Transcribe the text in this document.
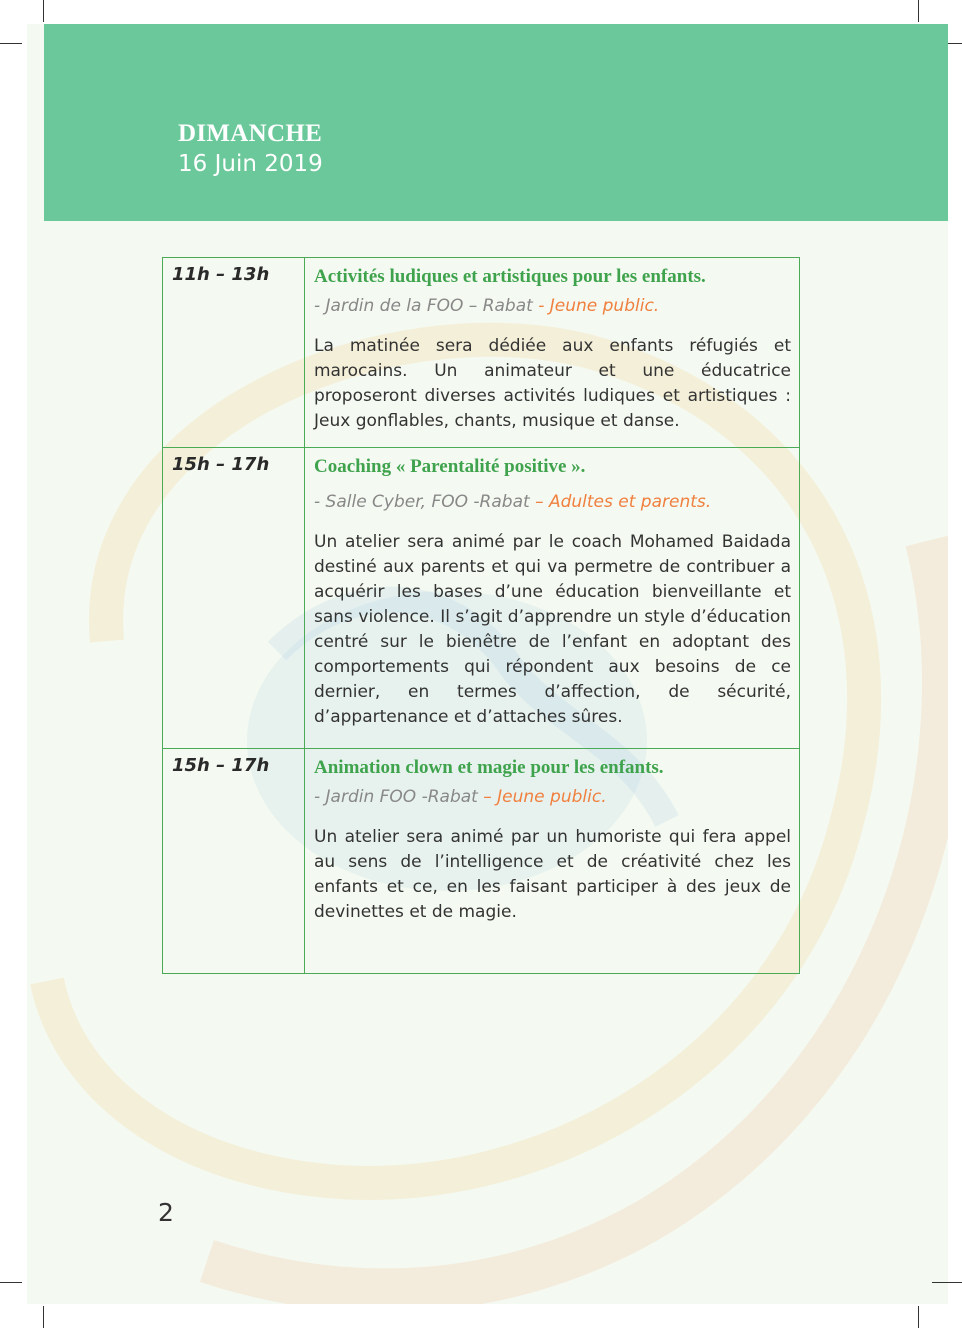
DIMANCHE
16 Juin 2019
11h – 13h	Activités ludiques et artistiques pour les enfants.
- Jardin de la FOO – Rabat - Jeune public.
La matinée sera dédiée aux enfants réfugiés et marocains. Un animateur et une éducatrice proposeront diverses activités ludiques et artistiques : Jeux gonflables, chants, musique et danse.

15h – 17h	Coaching « Parentalité positive ».
- Salle Cyber, FOO -Rabat – Adultes et parents.
Un atelier sera animé par le coach Mohamed Baidada destiné aux parents et qui va permetre de contribuer a acquérir les bases d’une éducation bienveillante et sans violence. Il s’agit d’apprendre un style d’éducation centré sur le bienêtre de l’enfant en adoptant des comportements qui répondent aux besoins de ce dernier, en termes d’affection, de sécurité, d’appartenance et d’attaches sûres.

15h – 17h	Animation clown et magie pour les enfants.
- Jardin FOO -Rabat – Jeune public.
Un atelier sera animé par un humoriste qui fera appel au sens de l’intelligence et de créativité chez les enfants et ce, en les faisant participer à des jeux de devinettes et de magie.
2
